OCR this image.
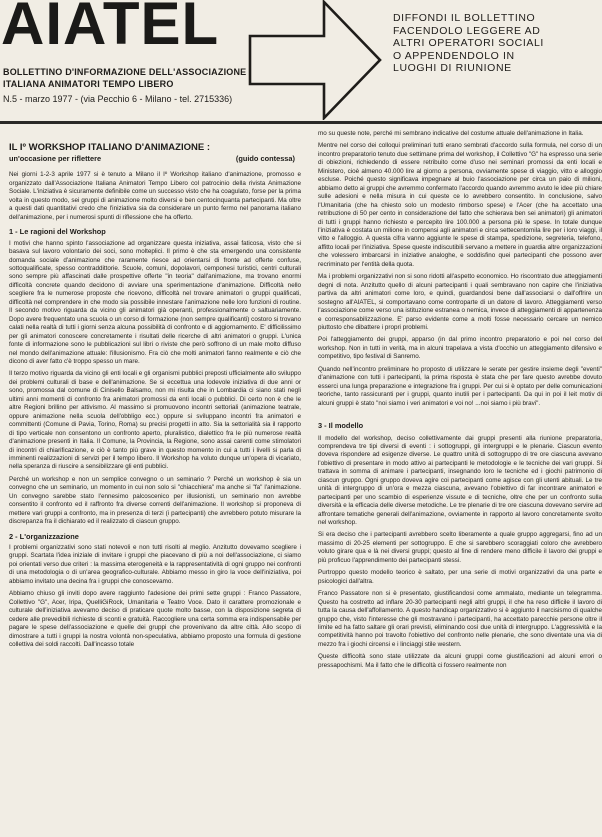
AIATEL

BOLLETTINO D'INFORMAZIONE DELL'ASSOCIAZIONE
ITALIANA ANIMATORI TEMPO LIBERO

N.5 - marzo 1977 - (via Pecchio 6 - Milano - tel. 2715336)

DIFFONDI IL BOLLETTINO
FACENDOLO LEGGERE AD
ALTRI OPERATORI SOCIALI
O APPENDENDOLO IN
LUOGHI DI RIUNIONE

IL Iº WORKSHOP ITALIANO D'ANIMAZIONE :
un'occasione per riflettere	(guido contessa)

Nei giorni 1-2-3 aprile 1977 si è tenuto a Milano il Iº Workshop italiano d'animazione, promosso e organizzato dall'Associazione Italiana Animatori Tempo Libero col patrocinio della rivista Animazione Sociale. L'iniziativa è sicuramente definibile come un successo visto che ha coagulato, forse per la prima volta in questo modo, sei gruppi di animazione molto diversi e ben centocinquanta partecipanti. Ma oltre a questi dati quantitativi credo che l'iniziativa sia da considerare un punto fermo nel panorama italiano dell'animazione, per i numerosi spunti di riflessione che ha offerto.

1 - Le ragioni del Workshop

I motivi che hanno spinto l'associazione ad organizzare questa iniziativa, assai faticosa, visto che si basava sul lavoro volontario dei soci, sono molteplici. Il primo è che sta emergendo una consistente domanda sociale d'animazione che raramente riesce ad orientarsi di fronte ad offerte confuse, sottoqualificate, spesso contraddittorie. Scuole, comuni, dopolavori, cemponesi turistici, centri culturali sono sempre più affascinati dalle prospettive offerte "in teoria" dall'animazione, ma trovano enormi difficoltà concrete quando decidono di avviare una sperimentazione d'animazione. Difficoltà nello scegliere fra le numerose proposte che ricevono, difficoltà nel trovare animatori o gruppi qualificati, difficoltà nel comprendere in che modo sia possibile innestare l'animazione nelle loro funzioni di routine. Il secondo motivo riguarda da vicino gli animatori già operanti, professionalmente o saltuariamente. Dopo avere frequentato una scuola o un corso di formazione (non sempre qualificanti) costoro si trovano calati nella realtà di tutti i giorni senza alcuna possibilità di confronto e di aggiornamento. E' difficilissimo per gli animatori conoscere concretamente i risultati delle ricerche di altri animatori o gruppi. L'unica fonte di informazione sono le pubblicazioni sul libri o riviste che però soffrono di un male molto diffuso nel mondo dell'animazione attuale: l'illusionismo. Fra ciò che molti animatori fanno realmente e ciò che dicono di aver fatto c'è troppo spesso un mare.

Il terzo motivo riguarda da vicino gli enti locali e gli organismi pubblici preposti ufficialmente allo sviluppo dei problemi culturali di base e dell'animazione. Se si eccettua una lodevole iniziativa di due anni or sono, promossa dal comune di Cinisello Balsamo, non mi risulta che in Lombardia ci siano stati negli ultimi anni momenti di confronto fra animatori promossi da enti locali o pubblici. Di certo non è che le altre Regioni brillino per attivismo. Al massimo si promuovono incontri settoriali (animazione teatrale, oppure animazione nella scuola dell'obbligo ecc.) oppure si sviluppano incontri fra animatori e committenti (Comune di Pavia, Torino, Roma) su precisi progetti in atto. Sia la settorialità sia il rapporto di tipo verticale non consentono un confronto aperto, pluralistico, dialettico fra le più numerose realtà d'animazione presenti in Italia. Il Comune, la Provincia, la Regione, sono assai carenti come stimolatori di incontri di chiarificazione, e ciò è tanto più grave in questo momento in cui a tutti i livelli si parla di imminenti realizzazioni di servizi per il tempo libero. Il Workshop ha voluto dunque un'opera di vicariato, nella speranza di riuscire a sensibilizzare gli enti pubblici.

Perché un workshop e non un semplice convegno o un seminario ? Perché un workshop è sia un convegno che un seminario, un momento in cui non solo si "chiacchiera" ma anche si "fa" l'animazione. Un convegno sarebbe stato l'ennesimo palcoscenico per illusionisti, un seminario non avrebbe consentito il confronto ed il raffronto fra diverse correnti dell'animazione. Il workshop si proponeva di mettere vari gruppi a confronto, ma in presenza di terzi (i partecipanti) che avrebbero potuto misurare la discrepanza fra il dichiarato ed il realizzato di ciascun gruppo.

2 - L'organizzazione

I problemi organizzativi sono stati notevoli e non tutti risolti al meglio. Anzitutto dovevamo scegliere i gruppi. Scartata l'idea iniziale di invitare i gruppi che piacevano di più a noi dell'associazione, ci siamo poi orientati verso due criteri : la massima eterogeneità e la rappresentatività di ogni gruppo nei confronti di una metodologia o di un'area geografico-culturale. Abbiamo messo in giro la voce dell'iniziativa, poi abbiamo invitato una decina fra i gruppi che conoscevamo.

Abbiamo chiuso gli inviti dopo avere raggiunto l'adesione dei primi sette gruppi : Franco Passatore, Collettivo "G", Acer, Iripa, QuelliGiRock, Umanitaria e Teatro Voce. Dato il carattere promozionale e culturale dell'iniziativa avevamo deciso di praticare quote molto basse, con la disposizione segreta di cedere alle prevedibili richieste di sconti e gratuità. Raccogliere una certa somma era indispensabile per pagare le spese dell'associazione e quelle dei gruppi che provenivano da altre città. Allo scopo di dimostrare a tutti i gruppi la nostra volontà non-speculativa, abbiamo proposto una formula di gestione collettiva dei soldi raccolti. Dall'incasso totale

mo su queste note, perché mi sembrano indicative del costume attuale dell'animazione in Italia.

Mentre nel corso dei colloqui preliminari tutti erano sembrati d'accordo sulla formula, nel corso di un incontro preparatorio tenuto due settimane prima del workshop, il Collettivo "G" ha espresso una serie di obiezioni, richiedendo di essere retribuito come d'uso nei seminari promossi da enti locali e Ministero, cioè almeno 40.000 lire al giorno a persona, ovviamente spese di viaggio, vitto e alloggio escluse. Poiché questo significava impegnare al buio l'associazione per circa un paio di milioni, abbiamo detto ai gruppi che avremmo confermato l'accordo quando avremmo avuto le idee più chiare sulle adesioni e nella misura in cui queste ce lo avrebbero consentito. In conclusione, salvo l'Umanitaria (che ha chiesto solo un modesto rimborso spese) e l'Acer (che ha accettato una retribuzione di 50 per cento in considerazione del fatto che schierava ben sei animatori) gli animatori di tutti i gruppi hanno richiesto e percepito lire 100.000 a persona più le spese. In totale dunque l'iniziativa è costata un milione in compensi agli animatori e circa settecentomila lire per i loro viaggi, il vitto e l'alloggio. A questa cifra vanno aggiunte le spese di stampa, spedizione, segreteria, telefono, affitto locali per l'iniziativa. Spese queste indiscutibili servano a mettere in guardia altre organizzazioni che volessero imbarcarsi in iniziative analoghe, e soddisfino quei partecipanti che possono aver recriminato per l'entità della quota.

Ma i problemi organizzativi non si sono ridotti all'aspetto economico. Ho riscontrato due atteggiamenti degni di nota. Anzitutto quello di alcuni partecipanti i quali sembravano non capire che l'iniziativa partiva da altri animatori come loro, e quindi, guardandosi bene dall'associarsi o dall'offrire un sostegno all'AIATEL, si comportavano come controparte di un datore di lavoro. Atteggiamenti verso l'associazione come verso una istituzione estranea o nemica, invece di atteggiamenti di appartenenza e corresponsabilizzazione. E' parso evidente come a molti fosse necessario cercare un nemico piuttosto che dibattere i propri problemi.

Poi l'atteggiamento dei gruppi, apparso (in dal primo incontro preparatorio e poi nel corso del workshop. Non in tutti in verità, ma in alcuni trapelava a vista d'occhio un atteggiamento difensivo e competitivo, tipo festival di Sanremo.

Quando nell'incontro preliminare ho proposto di utilizzare le serate per gestire insieme degli "eventi" d'animazione con tutti i partecipanti, la prima risposta è stata che per fare questo avrebbe dovuto esserci una lunga preparazione e integrazione fra i gruppi. Per cui si è optato per delle comunicazioni teoriche, tanto rassicuranti per i gruppi, quanto inutili per i partecipanti. Da qui in poi il leit motiv di alcuni gruppi è stato "noi siamo i veri animatori e voi no! ...noi siamo i più bravi".

3 - Il modello

Il modello del workshop, deciso collettivamente dai gruppi presenti alla riunione preparatoria, comprendeva tre tipi diversi di eventi : i sottogruppi, gli intergruppi e le plenarie. Ciascun evento doveva rispondere ad esigenze diverse. Le quattro unità di sottogruppo di tre ore ciascuna avevano l'obiettivo di presentare in modo attivo ai partecipanti le metodologie e le tecniche dei vari gruppi. Si trattava in somma di animare i partecipanti, insegnando loro le tecniche ed i giochi patrimonio di ciascun gruppo. Ogni gruppo doveva agire coi partecipanti come agisce con gli utenti abituali. Le tre unità di intergruppo di un'ora e mezza ciascuna, avevano l'obiettivo di far incontrare animatori e partecipanti per uno scambio di esperienze vissute e di tecniche, oltre che per un confronto sulla diversità e la efficacia delle diverse metodiche. Le tre plenarie di tre ore ciascuna dovevano servire ad affrontare tematiche generali dell'animazione, ovviamente in rapporto al lavoro concretamente svolto nel workshop.

Si era deciso che i partecipanti avrebbero scelto liberamente a quale gruppo aggregarsi, fino ad un massimo di 20-25 elementi per sottogruppo. E che si sarebbero scoraggiati coloro che avrebbero voluto girare qua e là nei diversi gruppi; questo al fine di rendere meno difficile il lavoro dei gruppi e più proficuo l'apprendimento dei partecipanti stessi.

Purtroppo questo modello teorico è saltato, per una serie di motivi organizzativi da una parte e psicologici dall'altra.

Franco Passatore non si è presentato, giustificandosi come ammalato, mediante un telegramma. Questo ha costretto ad inflare 20-30 partecipanti negli altri gruppi, il che ha reso difficile il lavoro di tutta la causa dell'affollamento. A questo handicap organizzativo si è aggiunto il narcisismo di qualche gruppo che, visto l'interesse che gli mostravano i partecipanti, ha accettato parecchie persone oltre il limite ed ha fatto saltare gli orari previsti, eliminando così due unità di intergruppo. L'aggressività e la competitività hanno poi travolto l'obiettivo del confronto nelle plenarie, che sono diventate una via di mezzo fra i giochi circensi e i linciaggi stile western.

Queste difficoltà sono state utilizzate da alcuni gruppi come giustificazioni ad alcuni errori o pressapochismi. Ma il fatto che le difficoltà ci fossero realmente non
